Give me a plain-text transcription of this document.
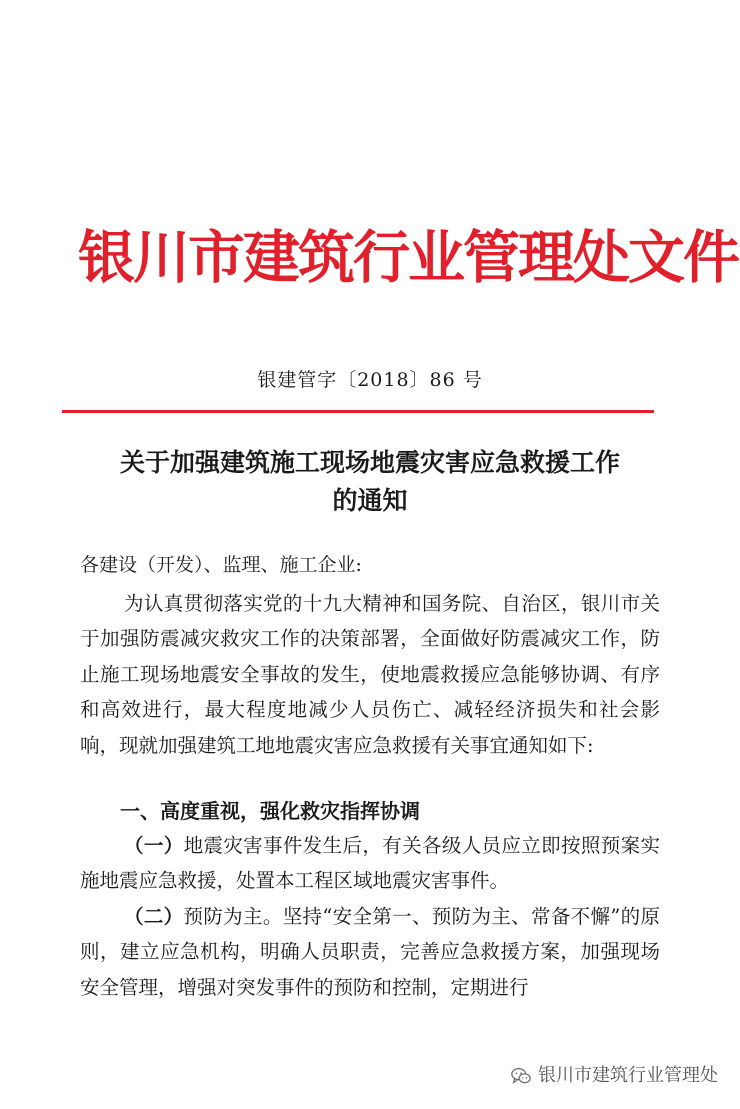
银川市建筑行业管理处文件
银建管字〔2018〕86 号
关于加强建筑施工现场地震灾害应急救援工作
的通知
各建设（开发）、监理、施工企业:

为认真贯彻落实党的十九大精神和国务院、自治区，银川市关于加强防震减灾救灾工作的决策部署，全面做好防震减灾工作，防止施工现场地震安全事故的发生，使地震救援应急能够协调、有序和高效进行，最大程度地减少人员伤亡、减轻经济损失和社会影响，现就加强建筑工地地震灾害应急救援有关事宜通知如下:

一、高度重视，强化救灾指挥协调

（一）地震灾害事件发生后，有关各级人员应立即按照预案实施地震应急救援，处置本工程区域地震灾害事件。

（二）预防为主。坚持“安全第一、预防为主、常备不懈”的原则，建立应急机构，明确人员职责，完善应急救援方案，加强现场安全管理，增强对突发事件的预防和控制，定期进行

银川市建筑行业管理处
